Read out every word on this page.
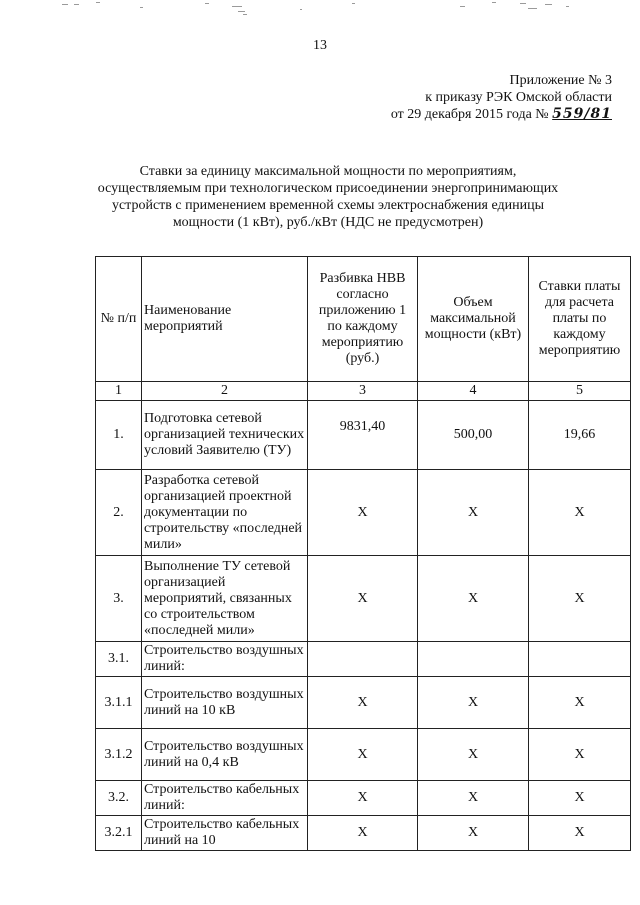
13
Приложение № 3
к приказу РЭК Омской области
от 29 декабря 2015 года № 559/81
Ставки за единицу максимальной мощности по мероприятиям,
осуществляемым при технологическом присоединении энергопринимающих
устройств с применением временной схемы электроснабжения единицы
мощности (1 кВт), руб./кВт (НДС не предусмотрен)
№ п/п	Наименование мероприятий	Разбивка НВВ согласно приложению 1 по каждому мероприятию (руб.)	Объем максимальной мощности (кВт)	Ставки платы для расчета платы по каждому мероприятию
1	2	3	4	5
1.	Подготовка сетевой организацией технических условий Заявителю (ТУ)	9831,40	500,00	19,66
2.	Разработка сетевой организацией проектной документации по строительству «последней мили»	Х	Х	Х
3.	Выполнение ТУ сетевой организацией мероприятий, связанных со строительством «последней мили»	Х	Х	Х
3.1.	Строительство воздушных линий:			
3.1.1	Строительство воздушных линий на 10 кВ	Х	Х	Х
3.1.2	Строительство воздушных линий на 0,4 кВ	Х	Х	Х
3.2.	Строительство кабельных линий:	Х	Х	Х
3.2.1	Строительство кабельных линий на 10	Х	Х	Х
